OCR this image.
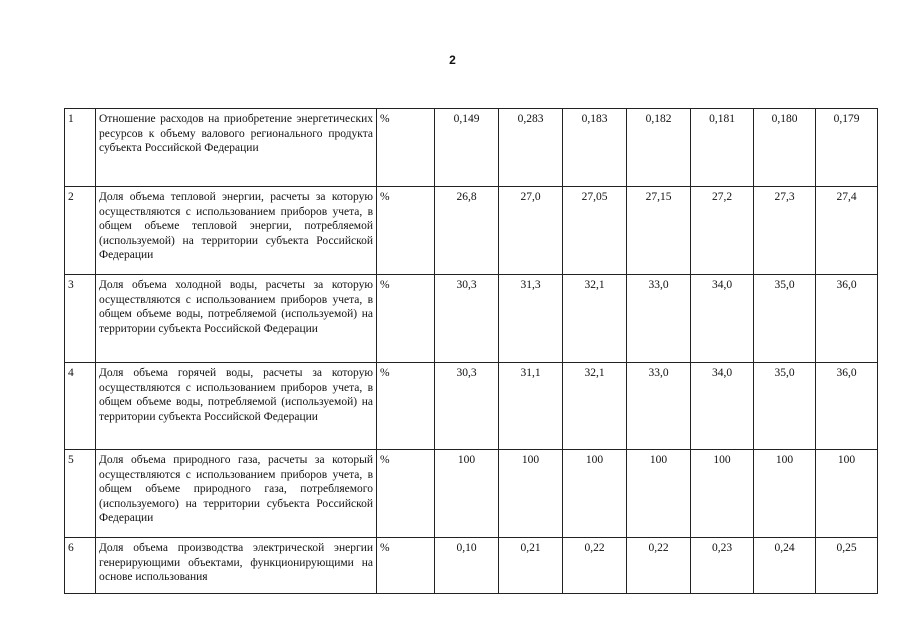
2
1	Отношение расходов на приобретение энергетических ресурсов к объему валового регионального продукта субъекта Российской Федерации	%	0,149	0,283	0,183	0,182	0,181	0,180	0,179
2	Доля объема тепловой энергии, расчеты за которую осуществляются с использованием приборов учета, в общем объеме тепловой энергии, потребляемой (используемой) на территории субъекта Российской Федерации	%	26,8	27,0	27,05	27,15	27,2	27,3	27,4
3	Доля объема холодной воды, расчеты за которую осуществляются с использованием приборов учета, в общем объеме воды, потребляемой (используемой) на территории субъекта Российской Федерации	%	30,3	31,3	32,1	33,0	34,0	35,0	36,0
4	Доля объема горячей воды, расчеты за которую осуществляются с использованием приборов учета, в общем объеме воды, потребляемой (используемой) на территории субъекта Российской Федерации	%	30,3	31,1	32,1	33,0	34,0	35,0	36,0
5	Доля объема природного газа, расчеты за который осуществляются с использованием приборов учета, в общем объеме природного газа, потребляемого (используемого) на территории субъекта Российской Федерации	%	100	100	100	100	100	100	100
6	Доля объема производства электрической энергии генерирующими объектами, функционирующими на основе использования	%	0,10	0,21	0,22	0,22	0,23	0,24	0,25
